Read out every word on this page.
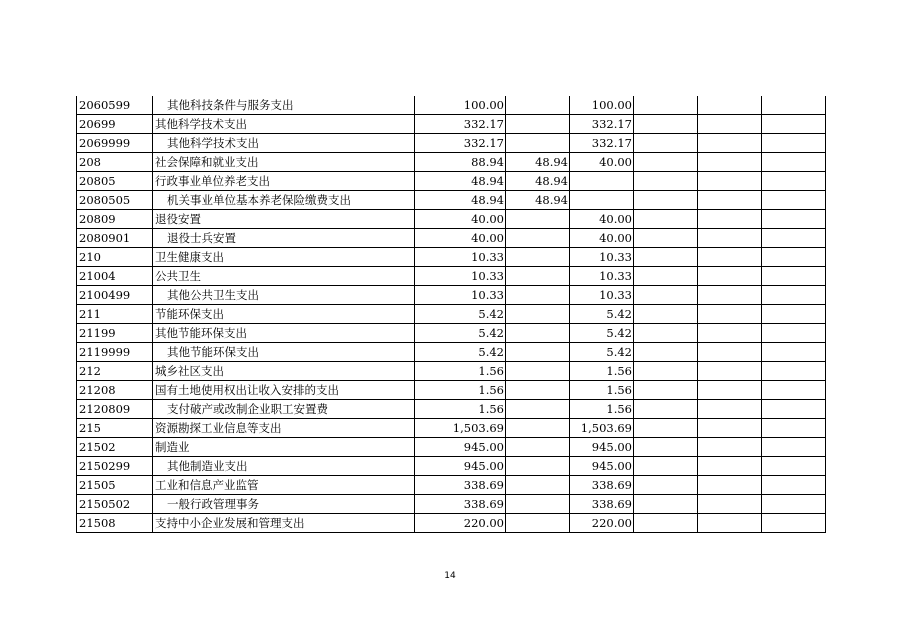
2060599	其他科技条件与服务支出	100.00		100.00			
20699	其他科学技术支出	332.17		332.17			
2069999	其他科学技术支出	332.17		332.17			
208	社会保障和就业支出	88.94	48.94	40.00			
20805	行政事业单位养老支出	48.94	48.94				
2080505	机关事业单位基本养老保险缴费支出	48.94	48.94				
20809	退役安置	40.00		40.00			
2080901	退役士兵安置	40.00		40.00			
210	卫生健康支出	10.33		10.33			
21004	公共卫生	10.33		10.33			
2100499	其他公共卫生支出	10.33		10.33			
211	节能环保支出	5.42		5.42			
21199	其他节能环保支出	5.42		5.42			
2119999	其他节能环保支出	5.42		5.42			
212	城乡社区支出	1.56		1.56			
21208	国有土地使用权出让收入安排的支出	1.56		1.56			
2120809	支付破产或改制企业职工安置费	1.56		1.56			
215	资源勘探工业信息等支出	1,503.69		1,503.69			
21502	制造业	945.00		945.00			
2150299	其他制造业支出	945.00		945.00			
21505	工业和信息产业监管	338.69		338.69			
2150502	一般行政管理事务	338.69		338.69			
21508	支持中小企业发展和管理支出	220.00		220.00			
14
